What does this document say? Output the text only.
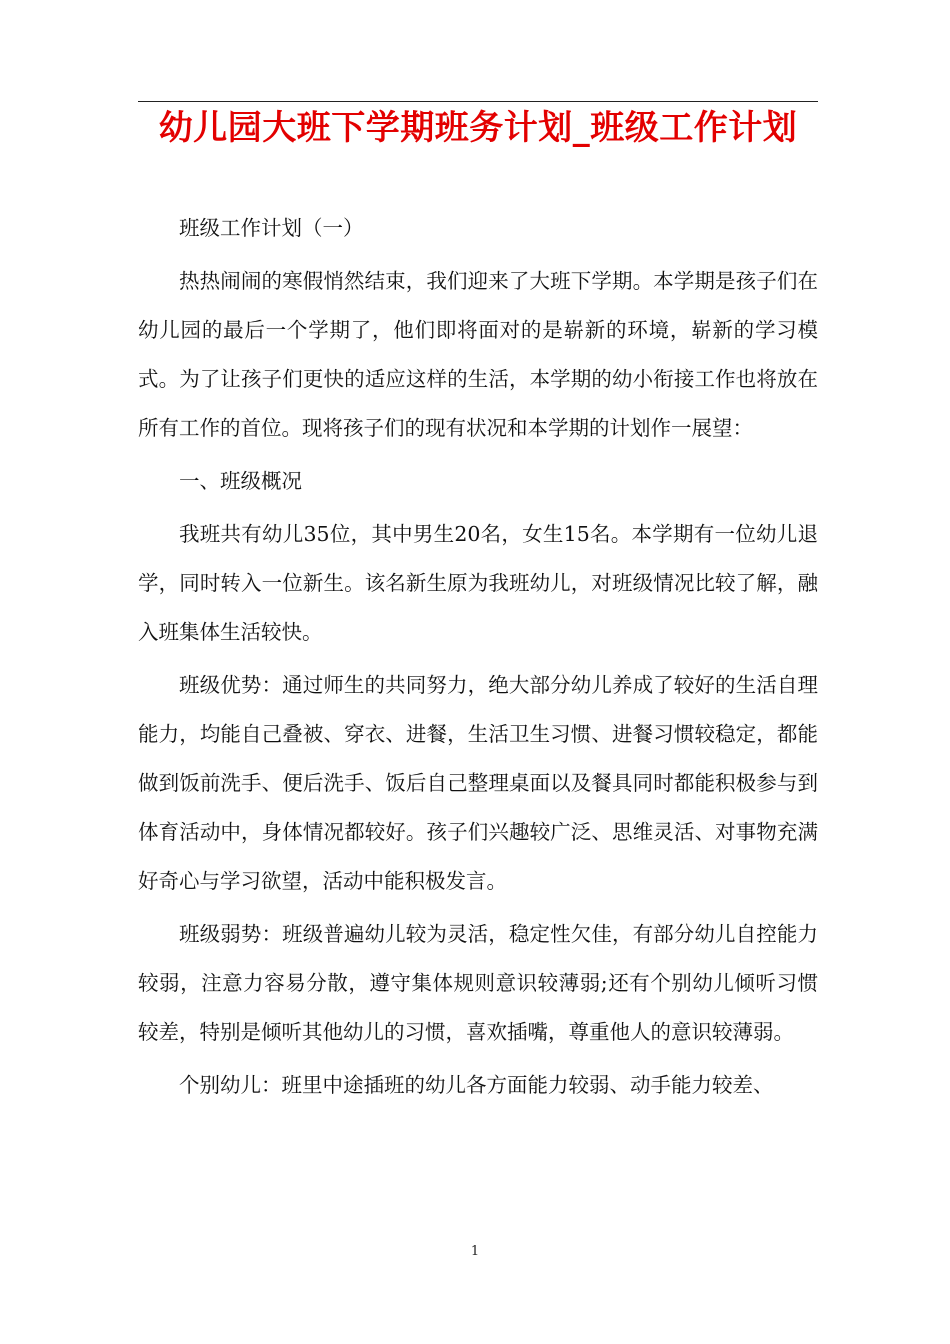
幼儿园大班下学期班务计划_班级工作计划

班级工作计划（一）

热热闹闹的寒假悄然结束，我们迎来了大班下学期。本学期是孩子们在幼儿园的最后一个学期了，他们即将面对的是崭新的环境，崭新的学习模式。为了让孩子们更快的适应这样的生活，本学期的幼小衔接工作也将放在所有工作的首位。现将孩子们的现有状况和本学期的计划作一展望：

一、班级概况

我班共有幼儿35位，其中男生20名，女生15名。本学期有一位幼儿退学，同时转入一位新生。该名新生原为我班幼儿，对班级情况比较了解，融入班集体生活较快。

班级优势：通过师生的共同努力，绝大部分幼儿养成了较好的生活自理能力，均能自己叠被、穿衣、进餐，生活卫生习惯、进餐习惯较稳定，都能做到饭前洗手、便后洗手、饭后自己整理桌面以及餐具同时都能积极参与到体育活动中，身体情况都较好。孩子们兴趣较广泛、思维灵活、对事物充满好奇心与学习欲望，活动中能积极发言。

班级弱势：班级普遍幼儿较为灵活，稳定性欠佳，有部分幼儿自控能力较弱，注意力容易分散，遵守集体规则意识较薄弱;还有个别幼儿倾听习惯较差，特别是倾听其他幼儿的习惯，喜欢插嘴，尊重他人的意识较薄弱。

个别幼儿：班里中途插班的幼儿各方面能力较弱、动手能力较差、

1
